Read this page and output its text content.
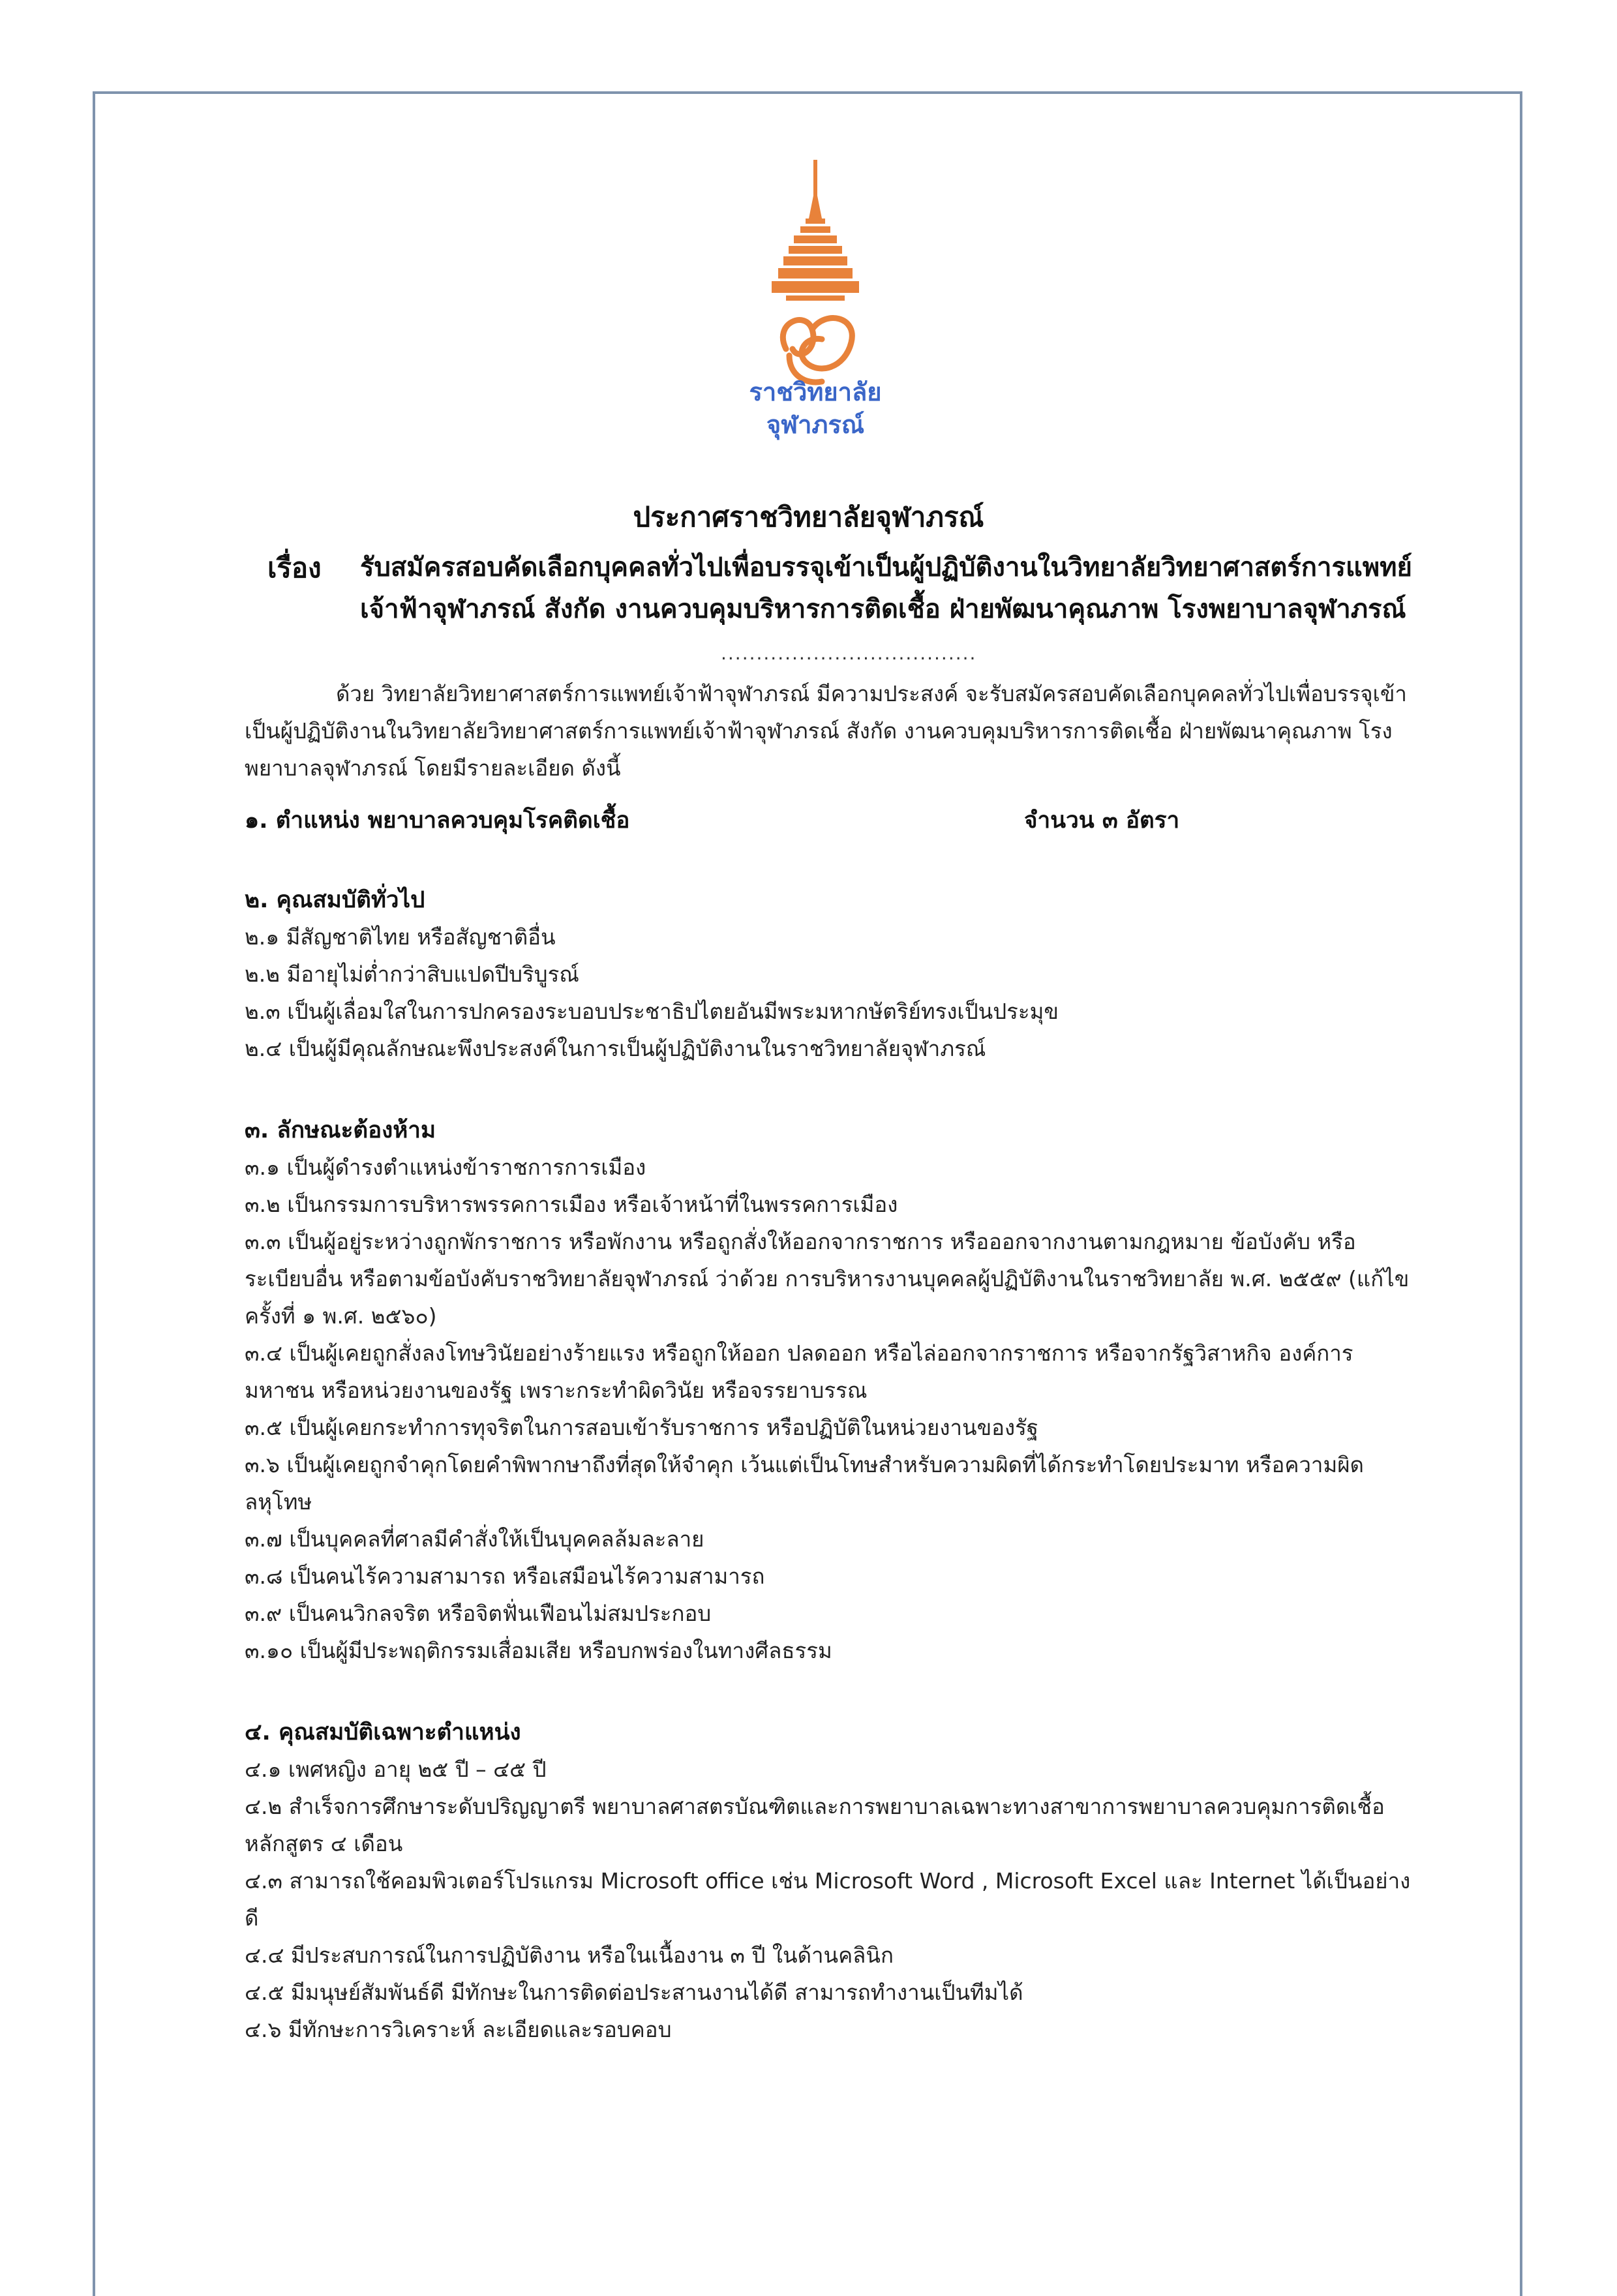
ราชวิทยาลัย
จุฬาภรณ์
ประกาศราชวิทยาลัยจุฬาภรณ์
เรื่อง รับสมัครสอบคัดเลือกบุคคลทั่วไปเพื่อบรรจุเข้าเป็นผู้ปฏิบัติงานในวิทยาลัยวิทยาศาสตร์การแพทย์เจ้าฟ้าจุฬาภรณ์ สังกัด งานควบคุมบริหารการติดเชื้อ ฝ่ายพัฒนาคุณภาพ โรงพยาบาลจุฬาภรณ์
....................................
ด้วย วิทยาลัยวิทยาศาสตร์การแพทย์เจ้าฟ้าจุฬาภรณ์ มีความประสงค์ จะรับสมัครสอบคัดเลือกบุคคลทั่วไปเพื่อบรรจุเข้าเป็นผู้ปฏิบัติงานในวิทยาลัยวิทยาศาสตร์การแพทย์เจ้าฟ้าจุฬาภรณ์ สังกัด งานควบคุมบริหารการติดเชื้อ ฝ่ายพัฒนาคุณภาพ โรงพยาบาลจุฬาภรณ์ โดยมีรายละเอียด ดังนี้
๑. ตำแหน่ง พยาบาลควบคุมโรคติดเชื้อ	จำนวน ๓ อัตรา
๒. คุณสมบัติทั่วไป
๒.๑ มีสัญชาติไทย หรือสัญชาติอื่น
๒.๒ มีอายุไม่ต่ำกว่าสิบแปดปีบริบูรณ์
๒.๓ เป็นผู้เลื่อมใสในการปกครองระบอบประชาธิปไตยอันมีพระมหากษัตริย์ทรงเป็นประมุข
๒.๔ เป็นผู้มีคุณลักษณะพึงประสงค์ในการเป็นผู้ปฏิบัติงานในราชวิทยาลัยจุฬาภรณ์
๓. ลักษณะต้องห้าม
๓.๑ เป็นผู้ดำรงตำแหน่งข้าราชการการเมือง
๓.๒ เป็นกรรมการบริหารพรรคการเมือง หรือเจ้าหน้าที่ในพรรคการเมือง
๓.๓ เป็นผู้อยู่ระหว่างถูกพักราชการ หรือพักงาน หรือถูกสั่งให้ออกจากราชการ หรือออกจากงานตามกฎหมาย ข้อบังคับ หรือระเบียบอื่น หรือตามข้อบังคับราชวิทยาลัยจุฬาภรณ์ ว่าด้วย การบริหารงานบุคคลผู้ปฏิบัติงานในราชวิทยาลัย พ.ศ. ๒๕๕๙ (แก้ไขครั้งที่ ๑ พ.ศ. ๒๕๖๐)
๓.๔ เป็นผู้เคยถูกสั่งลงโทษวินัยอย่างร้ายแรง หรือถูกให้ออก ปลดออก หรือไล่ออกจากราชการ หรือจากรัฐวิสาหกิจ องค์การมหาชน หรือหน่วยงานของรัฐ เพราะกระทำผิดวินัย หรือจรรยาบรรณ
๓.๕ เป็นผู้เคยกระทำการทุจริตในการสอบเข้ารับราชการ หรือปฏิบัติในหน่วยงานของรัฐ
๓.๖ เป็นผู้เคยถูกจำคุกโดยคำพิพากษาถึงที่สุดให้จำคุก เว้นแต่เป็นโทษสำหรับความผิดที่ได้กระทำโดยประมาท หรือความผิดลหุโทษ
๓.๗ เป็นบุคคลที่ศาลมีคำสั่งให้เป็นบุคคลล้มละลาย
๓.๘ เป็นคนไร้ความสามารถ หรือเสมือนไร้ความสามารถ
๓.๙ เป็นคนวิกลจริต หรือจิตฟั่นเฟือนไม่สมประกอบ
๓.๑๐ เป็นผู้มีประพฤติกรรมเสื่อมเสีย หรือบกพร่องในทางศีลธรรม
๔. คุณสมบัติเฉพาะตำแหน่ง
๔.๑ เพศหญิง อายุ ๒๕ ปี – ๔๕ ปี
๔.๒ สำเร็จการศึกษาระดับปริญญาตรี พยาบาลศาสตรบัณฑิตและการพยาบาลเฉพาะทางสาขาการพยาบาลควบคุมการติดเชื้อหลักสูตร ๔ เดือน
๔.๓ สามารถใช้คอมพิวเตอร์โปรแกรม Microsoft office เช่น Microsoft Word , Microsoft Excel และ Internet ได้เป็นอย่างดี
๔.๔ มีประสบการณ์ในการปฏิบัติงาน หรือในเนื้องาน ๓ ปี ในด้านคลินิก
๔.๕ มีมนุษย์สัมพันธ์ดี มีทักษะในการติดต่อประสานงานได้ดี สามารถทำงานเป็นทีมได้
๔.๖ มีทักษะการวิเคราะห์ ละเอียดและรอบคอบ
